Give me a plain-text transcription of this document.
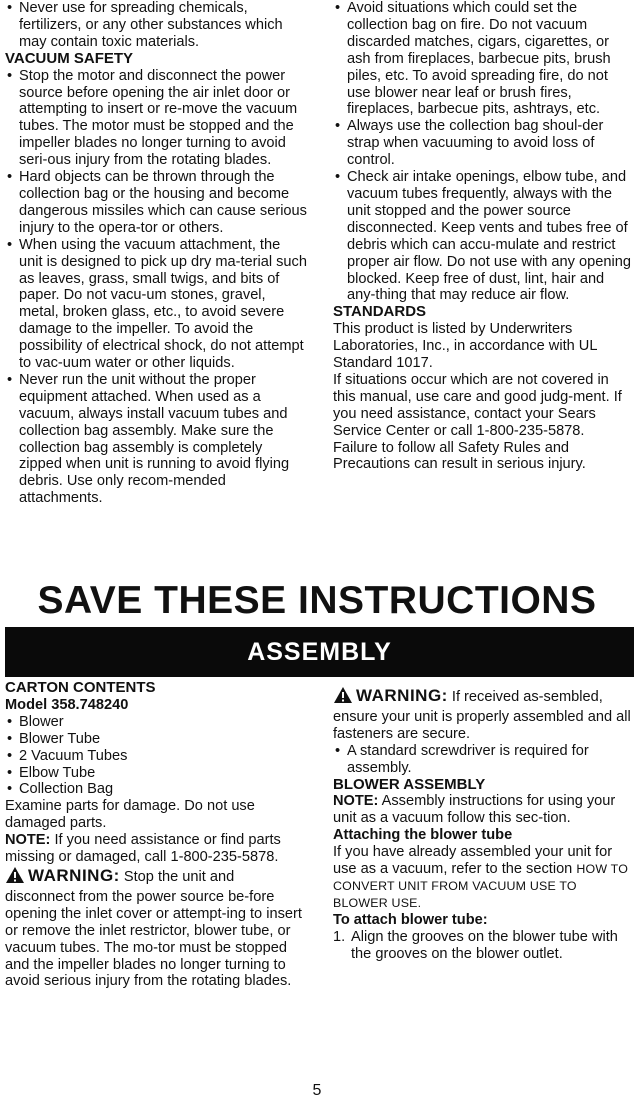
• Never use for spreading chemicals, fertilizers, or any other substances which may contain toxic materials.

VACUUM SAFETY

• Stop the motor and disconnect the power source before opening the air inlet door or attempting to insert or re-move the vacuum tubes. The motor must be stopped and the impeller blades no longer turning to avoid seri-ous injury from the rotating blades.
• Hard objects can be thrown through the collection bag or the housing and become dangerous missiles which can cause serious injury to the opera-tor or others.
• When using the vacuum attachment, the unit is designed to pick up dry ma-terial such as leaves, grass, small twigs, and bits of paper. Do not vacu-um stones, gravel, metal, broken glass, etc., to avoid severe damage to the impeller. To avoid the possibility of electrical shock, do not attempt to vac-uum water or other liquids.
• Never run the unit without the proper equipment attached. When used as a vacuum, always install vacuum tubes and collection bag assembly. Make sure the collection bag assembly is completely zipped when unit is running to avoid flying debris. Use only recom-mended attachments.
• Avoid situations which could set the collection bag on fire. Do not vacuum discarded matches, cigars, cigarettes, or ash from fireplaces, barbecue pits, brush piles, etc. To avoid spreading fire, do not use blower near leaf or brush fires, fireplaces, barbecue pits, ashtrays, etc.
• Always use the collection bag shoul-der strap when vacuuming to avoid loss of control.
• Check air intake openings, elbow tube, and vacuum tubes frequently, always with the unit stopped and the power source disconnected. Keep vents and tubes free of debris which can accu-mulate and restrict proper air flow. Do not use with any opening blocked. Keep free of dust, lint, hair and any-thing that may reduce air flow.

STANDARDS

This product is listed by Underwriters Laboratories, Inc., in accordance with UL Standard 1017.

If situations occur which are not covered in this manual, use care and good judg-ment. If you need assistance, contact your Sears Service Center or call 1-800-235-5878. Failure to follow all Safety Rules and Precautions can result in serious injury.

SAVE THESE INSTRUCTIONS
ASSEMBLY

CARTON CONTENTS

Model 358.748240

• Blower
• Blower Tube
• 2 Vacuum Tubes
• Elbow Tube
• Collection Bag

Examine parts for damage. Do not use damaged parts.

NOTE: If you need assistance or find parts missing or damaged, call 1-800-235-5878.

WARNING: Stop the unit and disconnect from the power source be-fore opening the inlet cover or attempt-ing to insert or remove the inlet restrictor, blower tube, or vacuum tubes. The mo-tor must be stopped and the impeller blades no longer turning to avoid serious injury from the rotating blades.

WARNING: If received as-sembled, ensure your unit is properly assembled and all fasteners are secure.

• A standard screwdriver is required for assembly.

BLOWER ASSEMBLY

NOTE: Assembly instructions for using your unit as a vacuum follow this sec-tion.

Attaching the blower tube

If you have already assembled your unit for use as a vacuum, refer to the section HOW TO CONVERT UNIT FROM VACUUM USE TO BLOWER USE.

To attach blower tube:

1. Align the grooves on the blower tube with the grooves on the blower outlet.
5
